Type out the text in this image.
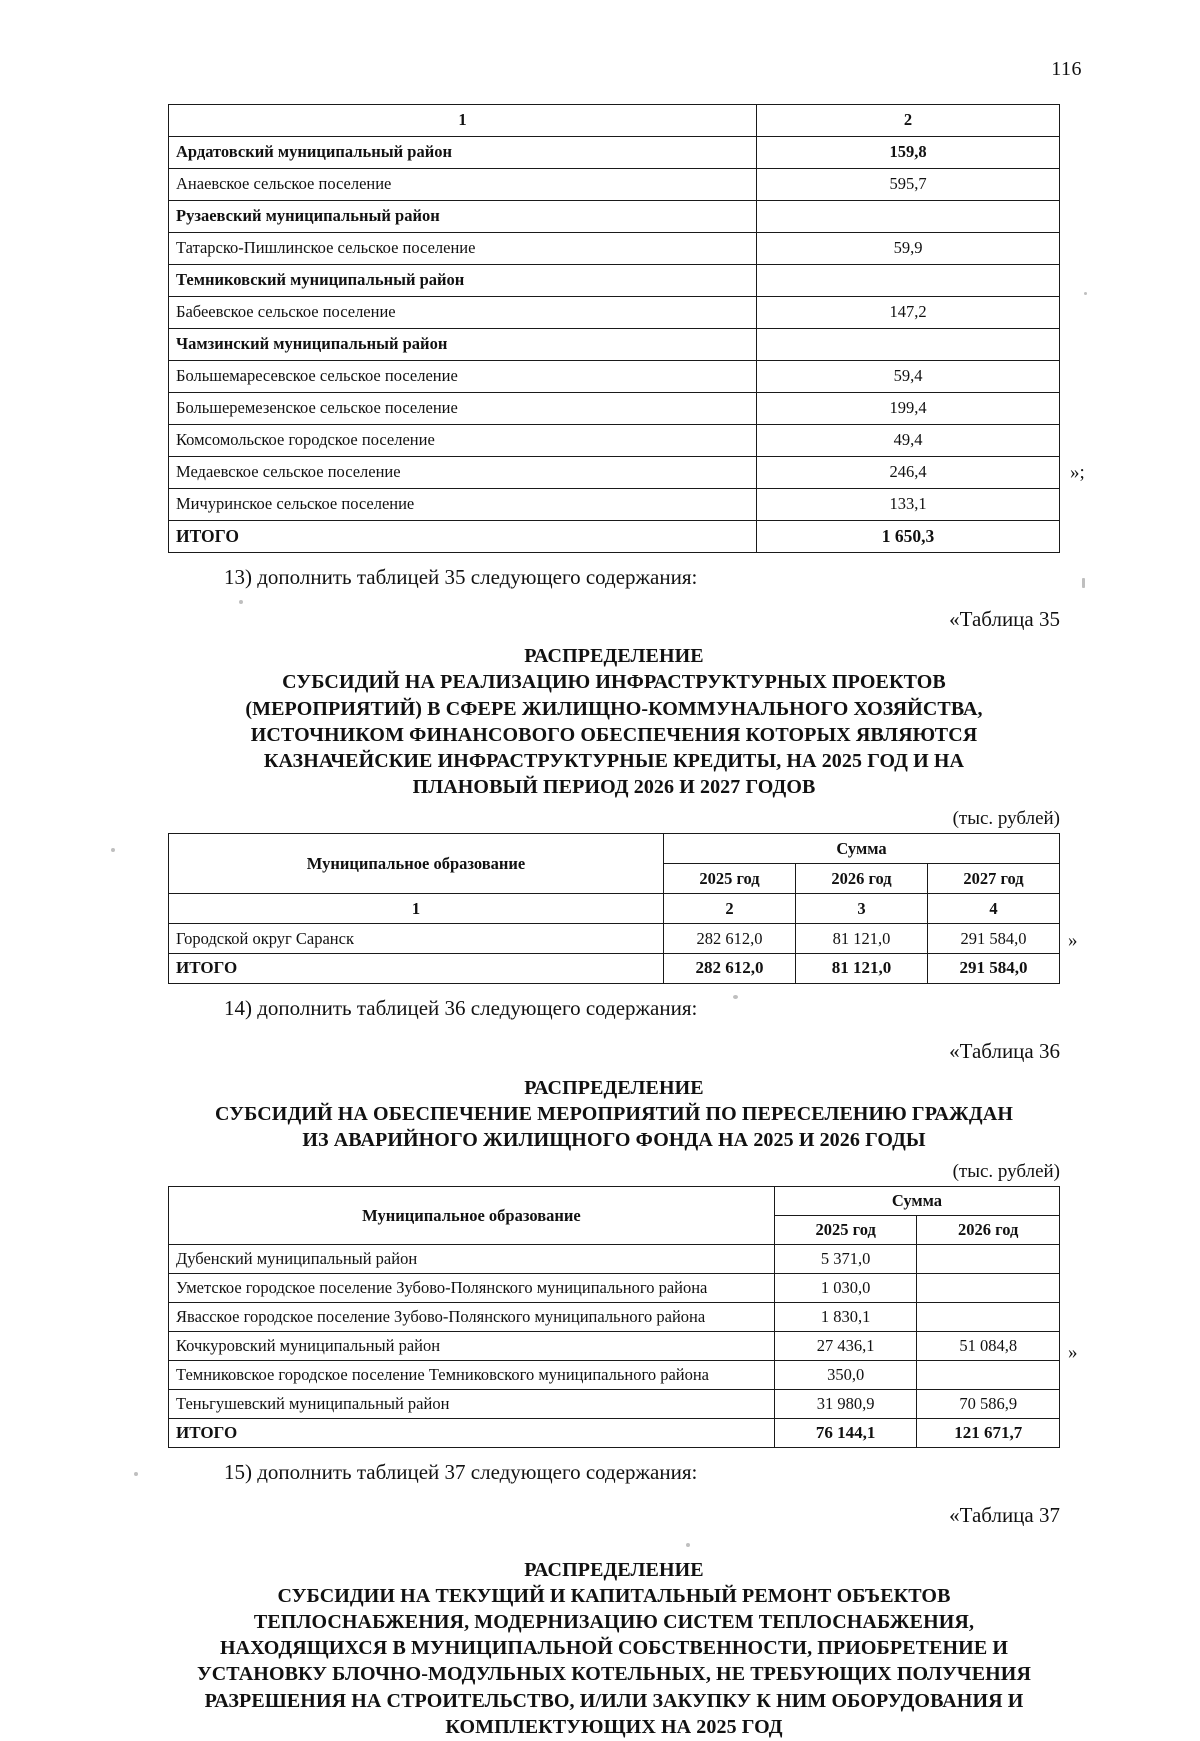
116
1	2
Ардатовский муниципальный район	159,8
Анаевское сельское поселение	595,7
Рузаевский муниципальный район	
Татарско-Пишлинское сельское поселение	59,9
Темниковский муниципальный район	
Бабеевское сельское поселение	147,2
Чамзинский муниципальный район	
Большемаресевское сельское поселение	59,4
Большеремезенское сельское поселение	199,4
Комсомольское городское поселение	49,4
Медаевское сельское поселение	246,4
Мичуринское сельское поселение	133,1
ИТОГО	1 650,3
»;

13) дополнить таблицей 35 следующего содержания:

«Таблица 35
РАСПРЕДЕЛЕНИЕ
СУБСИДИЙ НА РЕАЛИЗАЦИЮ ИНФРАСТРУКТУРНЫХ ПРОЕКТОВ
(МЕРОПРИЯТИЙ) В СФЕРЕ ЖИЛИЩНО-КОММУНАЛЬНОГО ХОЗЯЙСТВА,
ИСТОЧНИКОМ ФИНАНСОВОГО ОБЕСПЕЧЕНИЯ КОТОРЫХ ЯВЛЯЮТСЯ
КАЗНАЧЕЙСКИЕ ИНФРАСТРУКТУРНЫЕ КРЕДИТЫ, НА 2025 ГОД И НА
ПЛАНОВЫЙ ПЕРИОД 2026 И 2027 ГОДОВ
(тыс. рублей)
Муниципальное образование	Сумма		
	2025 год	2026 год	2027 год
1	2	3	4
Городской округ Саранск	282 612,0	81 121,0	291 584,0
ИТОГО	282 612,0	81 121,0	291 584,0
»

14) дополнить таблицей 36 следующего содержания:

«Таблица 36
РАСПРЕДЕЛЕНИЕ
СУБСИДИЙ НА ОБЕСПЕЧЕНИЕ МЕРОПРИЯТИЙ ПО ПЕРЕСЕЛЕНИЮ ГРАЖДАН
ИЗ АВАРИЙНОГО ЖИЛИЩНОГО ФОНДА НА 2025 И 2026 ГОДЫ
(тыс. рублей)
Муниципальное образование	Сумма	
	2025 год	2026 год
Дубенский муниципальный район	5 371,0	
Уметское городское поселение Зубово-Полянского муниципального района	1 030,0	
Явасское городское поселение Зубово-Полянского муниципального района	1 830,1	
Кочкуровский муниципальный район	27 436,1	51 084,8
Темниковское городское поселение Темниковского муниципального района	350,0	
Теньгушевский муниципальный район	31 980,9	70 586,9
ИТОГО	76 144,1	121 671,7
»

15) дополнить таблицей 37 следующего содержания:

«Таблица 37
РАСПРЕДЕЛЕНИЕ
СУБСИДИИ НА ТЕКУЩИЙ И КАПИТАЛЬНЫЙ РЕМОНТ ОБЪЕКТОВ
ТЕПЛОСНАБЖЕНИЯ, МОДЕРНИЗАЦИЮ СИСТЕМ ТЕПЛОСНАБЖЕНИЯ,
НАХОДЯЩИХСЯ В МУНИЦИПАЛЬНОЙ СОБСТВЕННОСТИ, ПРИОБРЕТЕНИЕ И
УСТАНОВКУ БЛОЧНО-МОДУЛЬНЫХ КОТЕЛЬНЫХ, НЕ ТРЕБУЮЩИХ ПОЛУЧЕНИЯ
РАЗРЕШЕНИЯ НА СТРОИТЕЛЬСТВО, И/ИЛИ ЗАКУПКУ К НИМ ОБОРУДОВАНИЯ И
КОМПЛЕКТУЮЩИХ НА 2025 ГОД
